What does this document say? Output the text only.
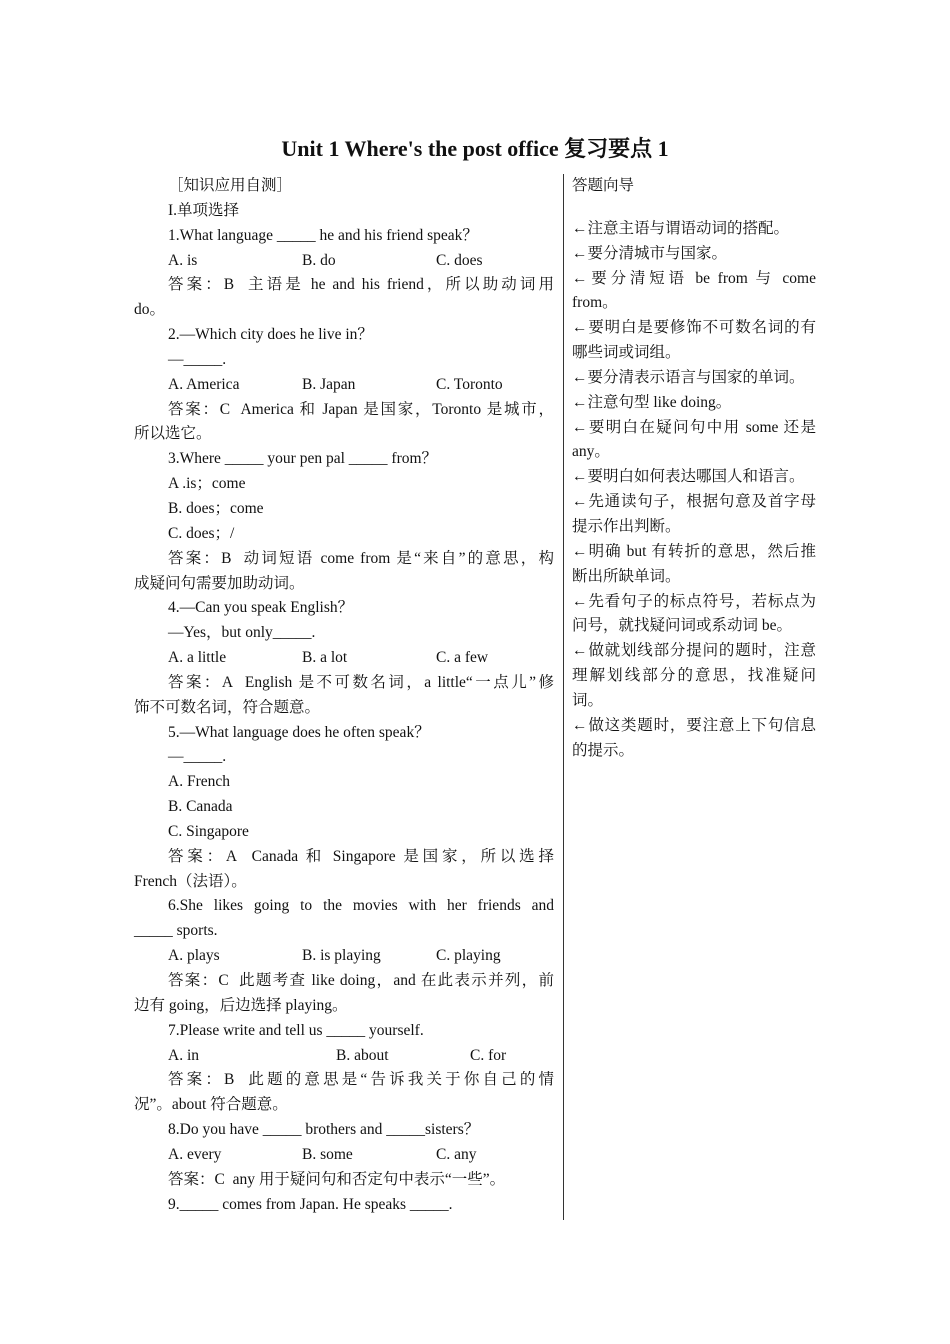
Unit 1 Where's the post office 复习要点 1
［知识应用自测］
I.单项选择
1.What language _____ he and his friend speak？
A. is	B. do	C. does
答案：B  主语是 he and his friend，所以助动词用
do。
2.—Which city does he live in？
—_____.
A. America	B. Japan	C. Toronto
答案：C  America 和 Japan 是国家，Toronto 是城市，
所以选它。
3.Where _____ your pen pal _____ from？
A .is；come
B. does；come
C. does；/
答案：B  动词短语 come from 是“来自”的意思，构
成疑问句需要加助动词。
4.—Can you speak English？
—Yes，but only_____.
A. a little	B. a lot	C. a few
答案：A  English 是不可数名词，a little“一点儿”修
饰不可数名词，符合题意。
5.—What language does he often speak？
—_____.
A. French
B. Canada
C. Singapore
答案：A  Canada 和 Singapore 是国家，所以选择
French（法语）。
6.She likes going to the movies with her friends and
_____ sports.
A. plays	B. is playing	C. playing
答案：C  此题考查 like doing，and 在此表示并列，前
边有 going，后边选择 playing。
7.Please write and tell us _____ yourself.
A. in	B. about	C. for
答案：B  此题的意思是“告诉我关于你自己的情
况”。about 符合题意。
8.Do you have _____ brothers and _____sisters？
A. every	B. some	C. any
答案：C  any 用于疑问句和否定句中表示“一些”。
9._____ comes from Japan. He speaks _____.
答题向导
←注意主语与谓语动词的搭配。
←要分清城市与国家。
←要分清短语 be from 与 come from。
←要明白是要修饰不可数名词的有哪些词或词组。
←要分清表示语言与国家的单词。
←注意句型 like doing。
←要明白在疑问句中用 some 还是 any。
←要明白如何表达哪国人和语言。
←先通读句子，根据句意及首字母提示作出判断。
←明确 but 有转折的意思，然后推断出所缺单词。
←先看句子的标点符号，若标点为问号，就找疑问词或系动词 be。
←做就划线部分提问的题时，注意理解划线部分的意思，找准疑问词。
←做这类题时，要注意上下句信息的提示。
